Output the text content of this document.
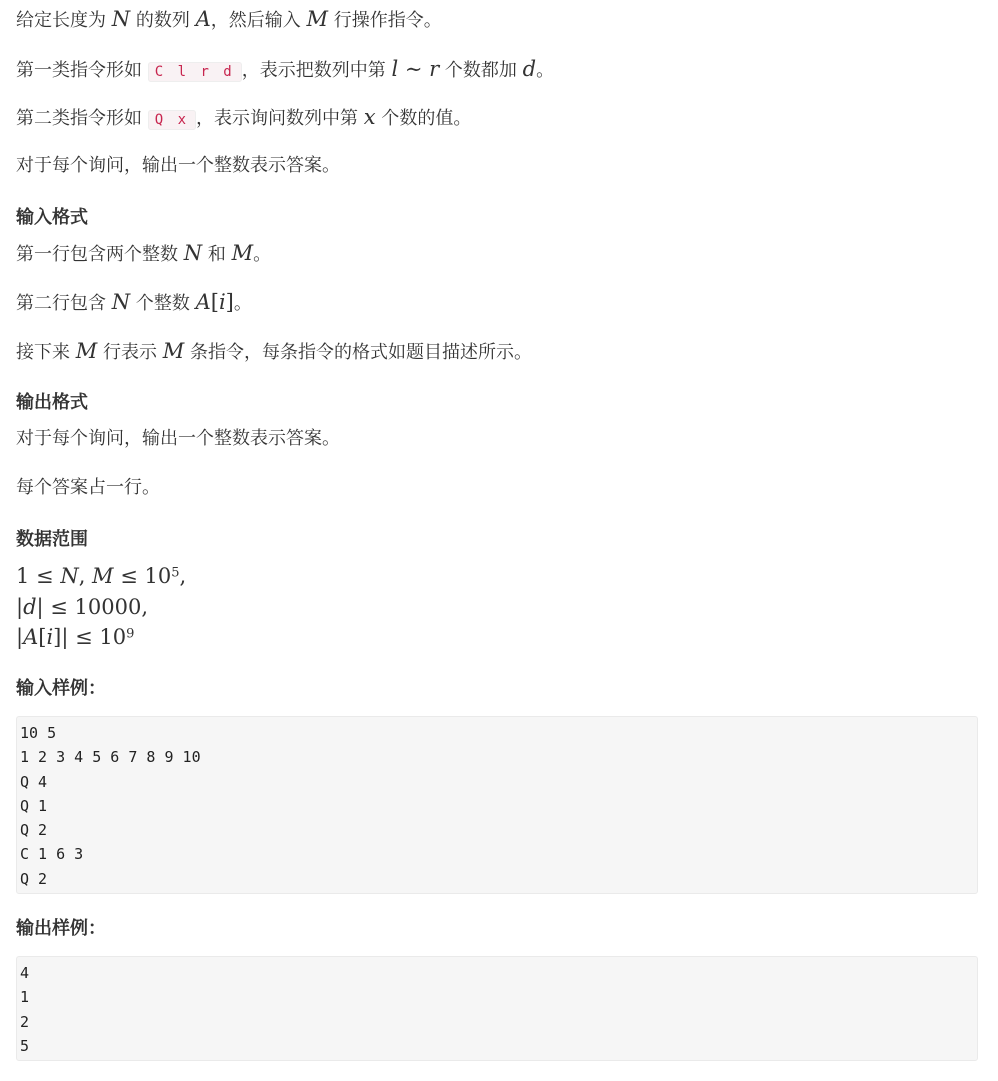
给定长度为 N 的数列 A，然后输入 M 行操作指令。
第一类指令形如 C l r d ，表示把数列中第 l ∼ r 个数都加 d。
第二类指令形如 Q x ，表示询问数列中第 x 个数的值。
对于每个询问，输出一个整数表示答案。
输入格式
第一行包含两个整数 N 和 M。
第二行包含 N 个整数 A[i]。
接下来 M 行表示 M 条指令，每条指令的格式如题目描述所示。
输出格式
对于每个询问，输出一个整数表示答案。
每个答案占一行。
数据范围
1 ≤ N, $M \le 10^5$,
|d| ≤ 10000,
$|A[i]| \le 10^9$
输入样例：
10 5
1 2 3 4 5 6 7 8 9 10
Q 4
Q 1
Q 2
C 1 6 3
Q 2
输出样例：
4
1
2
5
